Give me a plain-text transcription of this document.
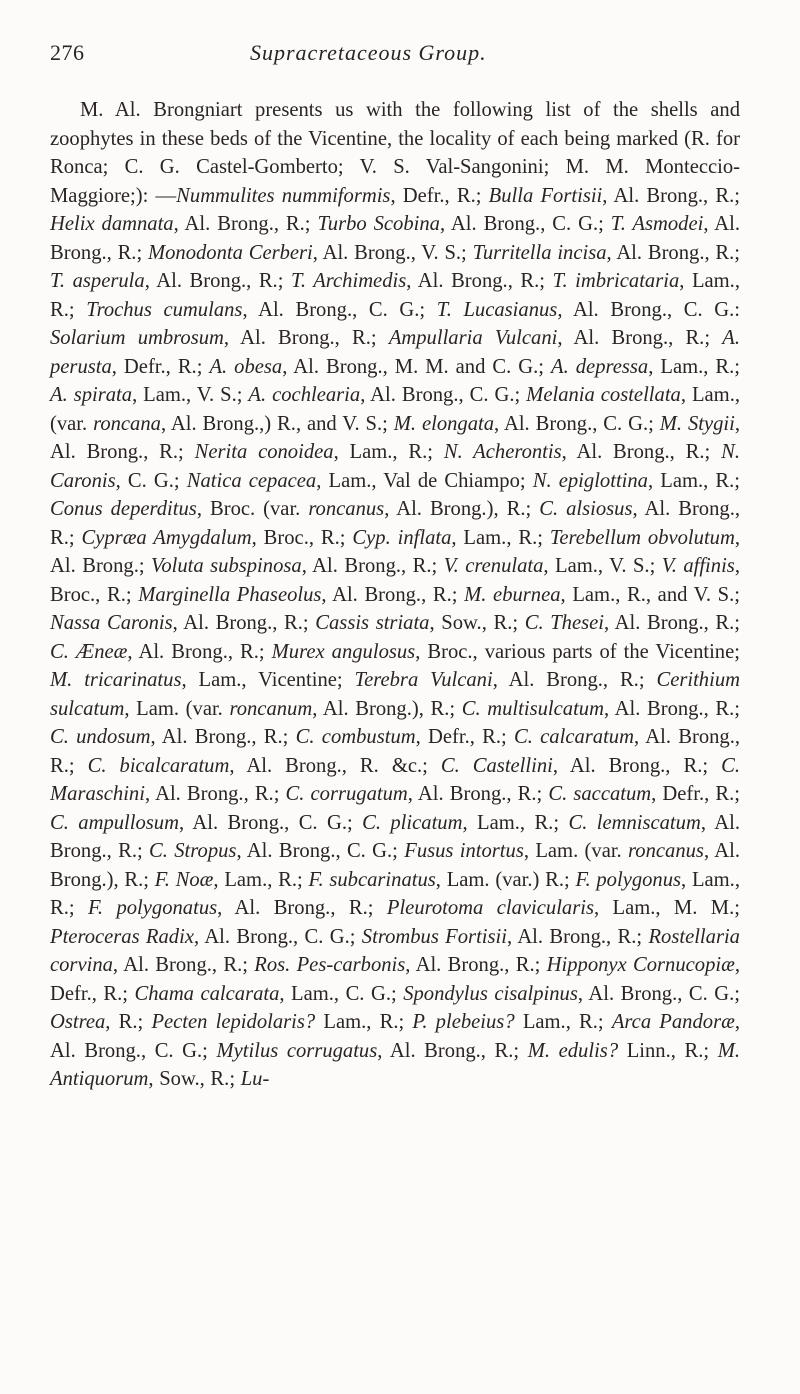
276	Supracretaceous Group.

M. Al. Brongniart presents us with the following list of the shells and zoophytes in these beds of the Vicentine, the locality of each being marked (R. for Ronca; C. G. Castel-Gomberto; V. S. Val-Sangonini; M. M. Monteccio-Maggiore;): —Nummulites nummiformis, Defr., R.; Bulla Fortisii, Al. Brong., R.; Helix damnata, Al. Brong., R.; Turbo Scobina, Al. Brong., C. G.; T. Asmodei, Al. Brong., R.; Monodonta Cerberi, Al. Brong., V. S.; Turritella incisa, Al. Brong., R.; T. asperula, Al. Brong., R.; T. Archimedis, Al. Brong., R.; T. imbricataria, Lam., R.; Trochus cumulans, Al. Brong., C. G.; T. Lucasianus, Al. Brong., C. G.: Solarium umbrosum, Al. Brong., R.; Ampullaria Vulcani, Al. Brong., R.; A. perusta, Defr., R.; A. obesa, Al. Brong., M. M. and C. G.; A. depressa, Lam., R.; A. spirata, Lam., V. S.; A. cochlearia, Al. Brong., C. G.; Melania costellata, Lam., (var. roncana, Al. Brong.,) R., and V. S.; M. elongata, Al. Brong., C. G.; M. Stygii, Al. Brong., R.; Nerita conoidea, Lam., R.; N. Acherontis, Al. Brong., R.; N. Caronis, C. G.; Natica cepacea, Lam., Val de Chiampo; N. epiglottina, Lam., R.; Conus deperditus, Broc. (var. roncanus, Al. Brong.), R.; C. alsiosus, Al. Brong., R.; Cypræa Amygdalum, Broc., R.; Cyp. inflata, Lam., R.; Terebellum obvolutum, Al. Brong.; Voluta subspinosa, Al. Brong., R.; V. crenulata, Lam., V. S.; V. affinis, Broc., R.; Marginella Phaseolus, Al. Brong., R.; M. eburnea, Lam., R., and V. S.; Nassa Caronis, Al. Brong., R.; Cassis striata, Sow., R.; C. Thesei, Al. Brong., R.; C. Æneæ, Al. Brong., R.; Murex angulosus, Broc., various parts of the Vicentine; M. tricarinatus, Lam., Vicentine; Terebra Vulcani, Al. Brong., R.; Cerithium sulcatum, Lam. (var. roncanum, Al. Brong.), R.; C. multisulcatum, Al. Brong., R.; C. undosum, Al. Brong., R.; C. combustum, Defr., R.; C. calcaratum, Al. Brong., R.; C. bicalcaratum, Al. Brong., R. &c.; C. Castellini, Al. Brong., R.; C. Maraschini, Al. Brong., R.; C. corrugatum, Al. Brong., R.; C. saccatum, Defr., R.; C. ampullosum, Al. Brong., C. G.; C. plicatum, Lam., R.; C. lemniscatum, Al. Brong., R.; C. Stropus, Al. Brong., C. G.; Fusus intortus, Lam. (var. roncanus, Al. Brong.), R.; F. Noæ, Lam., R.; F. subcarinatus, Lam. (var.) R.; F. polygonus, Lam., R.; F. polygonatus, Al. Brong., R.; Pleurotoma clavicularis, Lam., M. M.; Pteroceras Radix, Al. Brong., C. G.; Strombus Fortisii, Al. Brong., R.; Rostellaria corvina, Al. Brong., R.; Ros. Pes-carbonis, Al. Brong., R.; Hipponyx Cornucopiæ, Defr., R.; Chama calcarata, Lam., C. G.; Spondylus cisalpinus, Al. Brong., C. G.; Ostrea, R.; Pecten lepidolaris? Lam., R.; P. plebeius? Lam., R.; Arca Pandoræ, Al. Brong., C. G.; Mytilus corrugatus, Al. Brong., R.; M. edulis? Linn., R.; M. Antiquorum, Sow., R.; Lu-
